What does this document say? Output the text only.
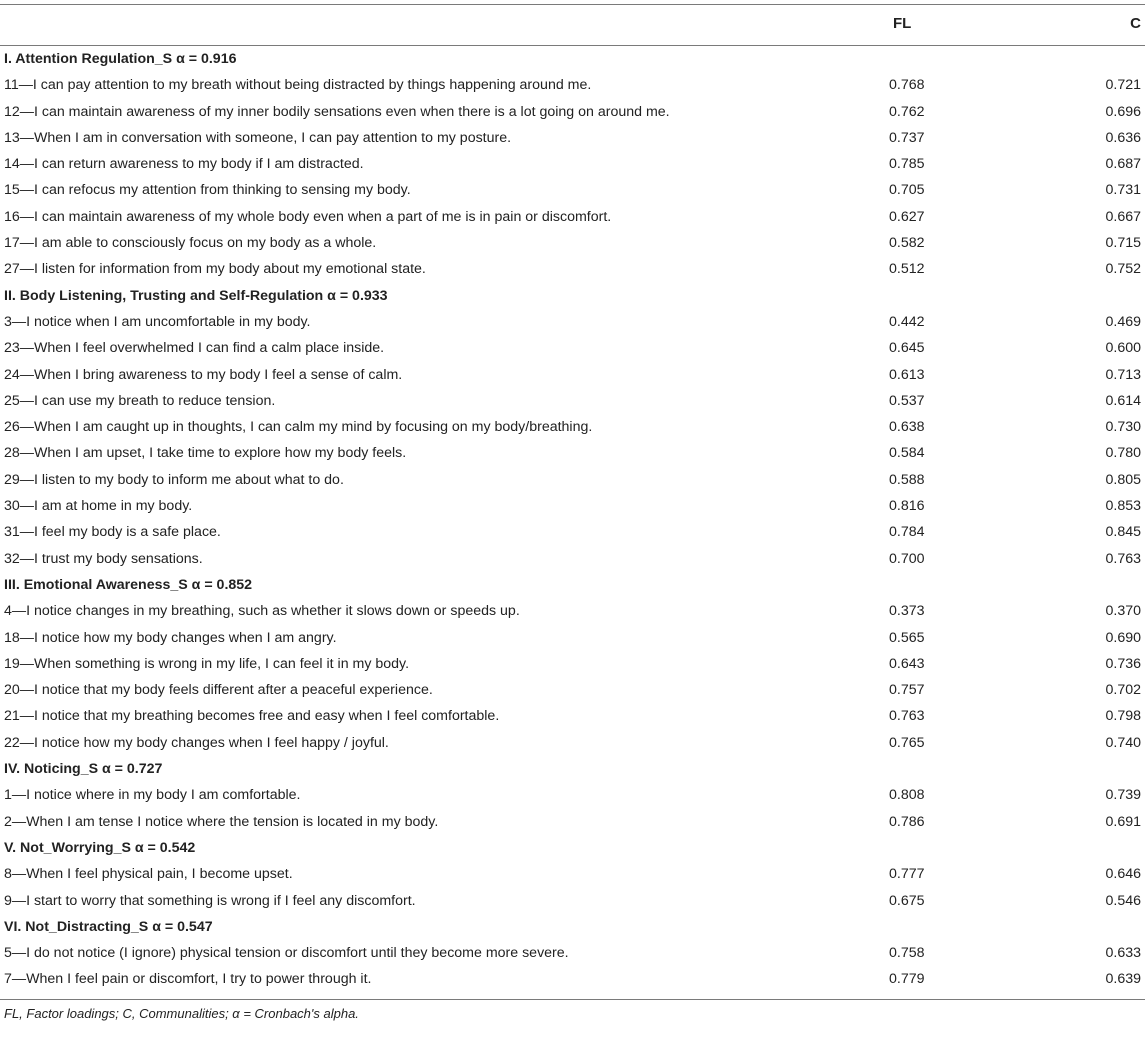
FL	C
I. Attention Regulation_S α = 0.916
11—I can pay attention to my breath without being distracted by things happening around me.	0.768	0.721
12—I can maintain awareness of my inner bodily sensations even when there is a lot going on around me.	0.762	0.696
13—When I am in conversation with someone, I can pay attention to my posture.	0.737	0.636
14—I can return awareness to my body if I am distracted.	0.785	0.687
15—I can refocus my attention from thinking to sensing my body.	0.705	0.731
16—I can maintain awareness of my whole body even when a part of me is in pain or discomfort.	0.627	0.667
17—I am able to consciously focus on my body as a whole.	0.582	0.715
27—I listen for information from my body about my emotional state.	0.512	0.752
II. Body Listening, Trusting and Self-Regulation α = 0.933
3—I notice when I am uncomfortable in my body.	0.442	0.469
23—When I feel overwhelmed I can find a calm place inside.	0.645	0.600
24—When I bring awareness to my body I feel a sense of calm.	0.613	0.713
25—I can use my breath to reduce tension.	0.537	0.614
26—When I am caught up in thoughts, I can calm my mind by focusing on my body/breathing.	0.638	0.730
28—When I am upset, I take time to explore how my body feels.	0.584	0.780
29—I listen to my body to inform me about what to do.	0.588	0.805
30—I am at home in my body.	0.816	0.853
31—I feel my body is a safe place.	0.784	0.845
32—I trust my body sensations.	0.700	0.763
III. Emotional Awareness_S α = 0.852
4—I notice changes in my breathing, such as whether it slows down or speeds up.	0.373	0.370
18—I notice how my body changes when I am angry.	0.565	0.690
19—When something is wrong in my life, I can feel it in my body.	0.643	0.736
20—I notice that my body feels different after a peaceful experience.	0.757	0.702
21—I notice that my breathing becomes free and easy when I feel comfortable.	0.763	0.798
22—I notice how my body changes when I feel happy / joyful.	0.765	0.740
IV. Noticing_S α = 0.727
1—I notice where in my body I am comfortable.	0.808	0.739
2—When I am tense I notice where the tension is located in my body.	0.786	0.691
V. Not_Worrying_S α = 0.542
8—When I feel physical pain, I become upset.	0.777	0.646
9—I start to worry that something is wrong if I feel any discomfort.	0.675	0.546
VI. Not_Distracting_S α = 0.547
5—I do not notice (I ignore) physical tension or discomfort until they become more severe.	0.758	0.633
7—When I feel pain or discomfort, I try to power through it.	0.779	0.639
FL, Factor loadings; C, Communalities; α = Cronbach's alpha.
